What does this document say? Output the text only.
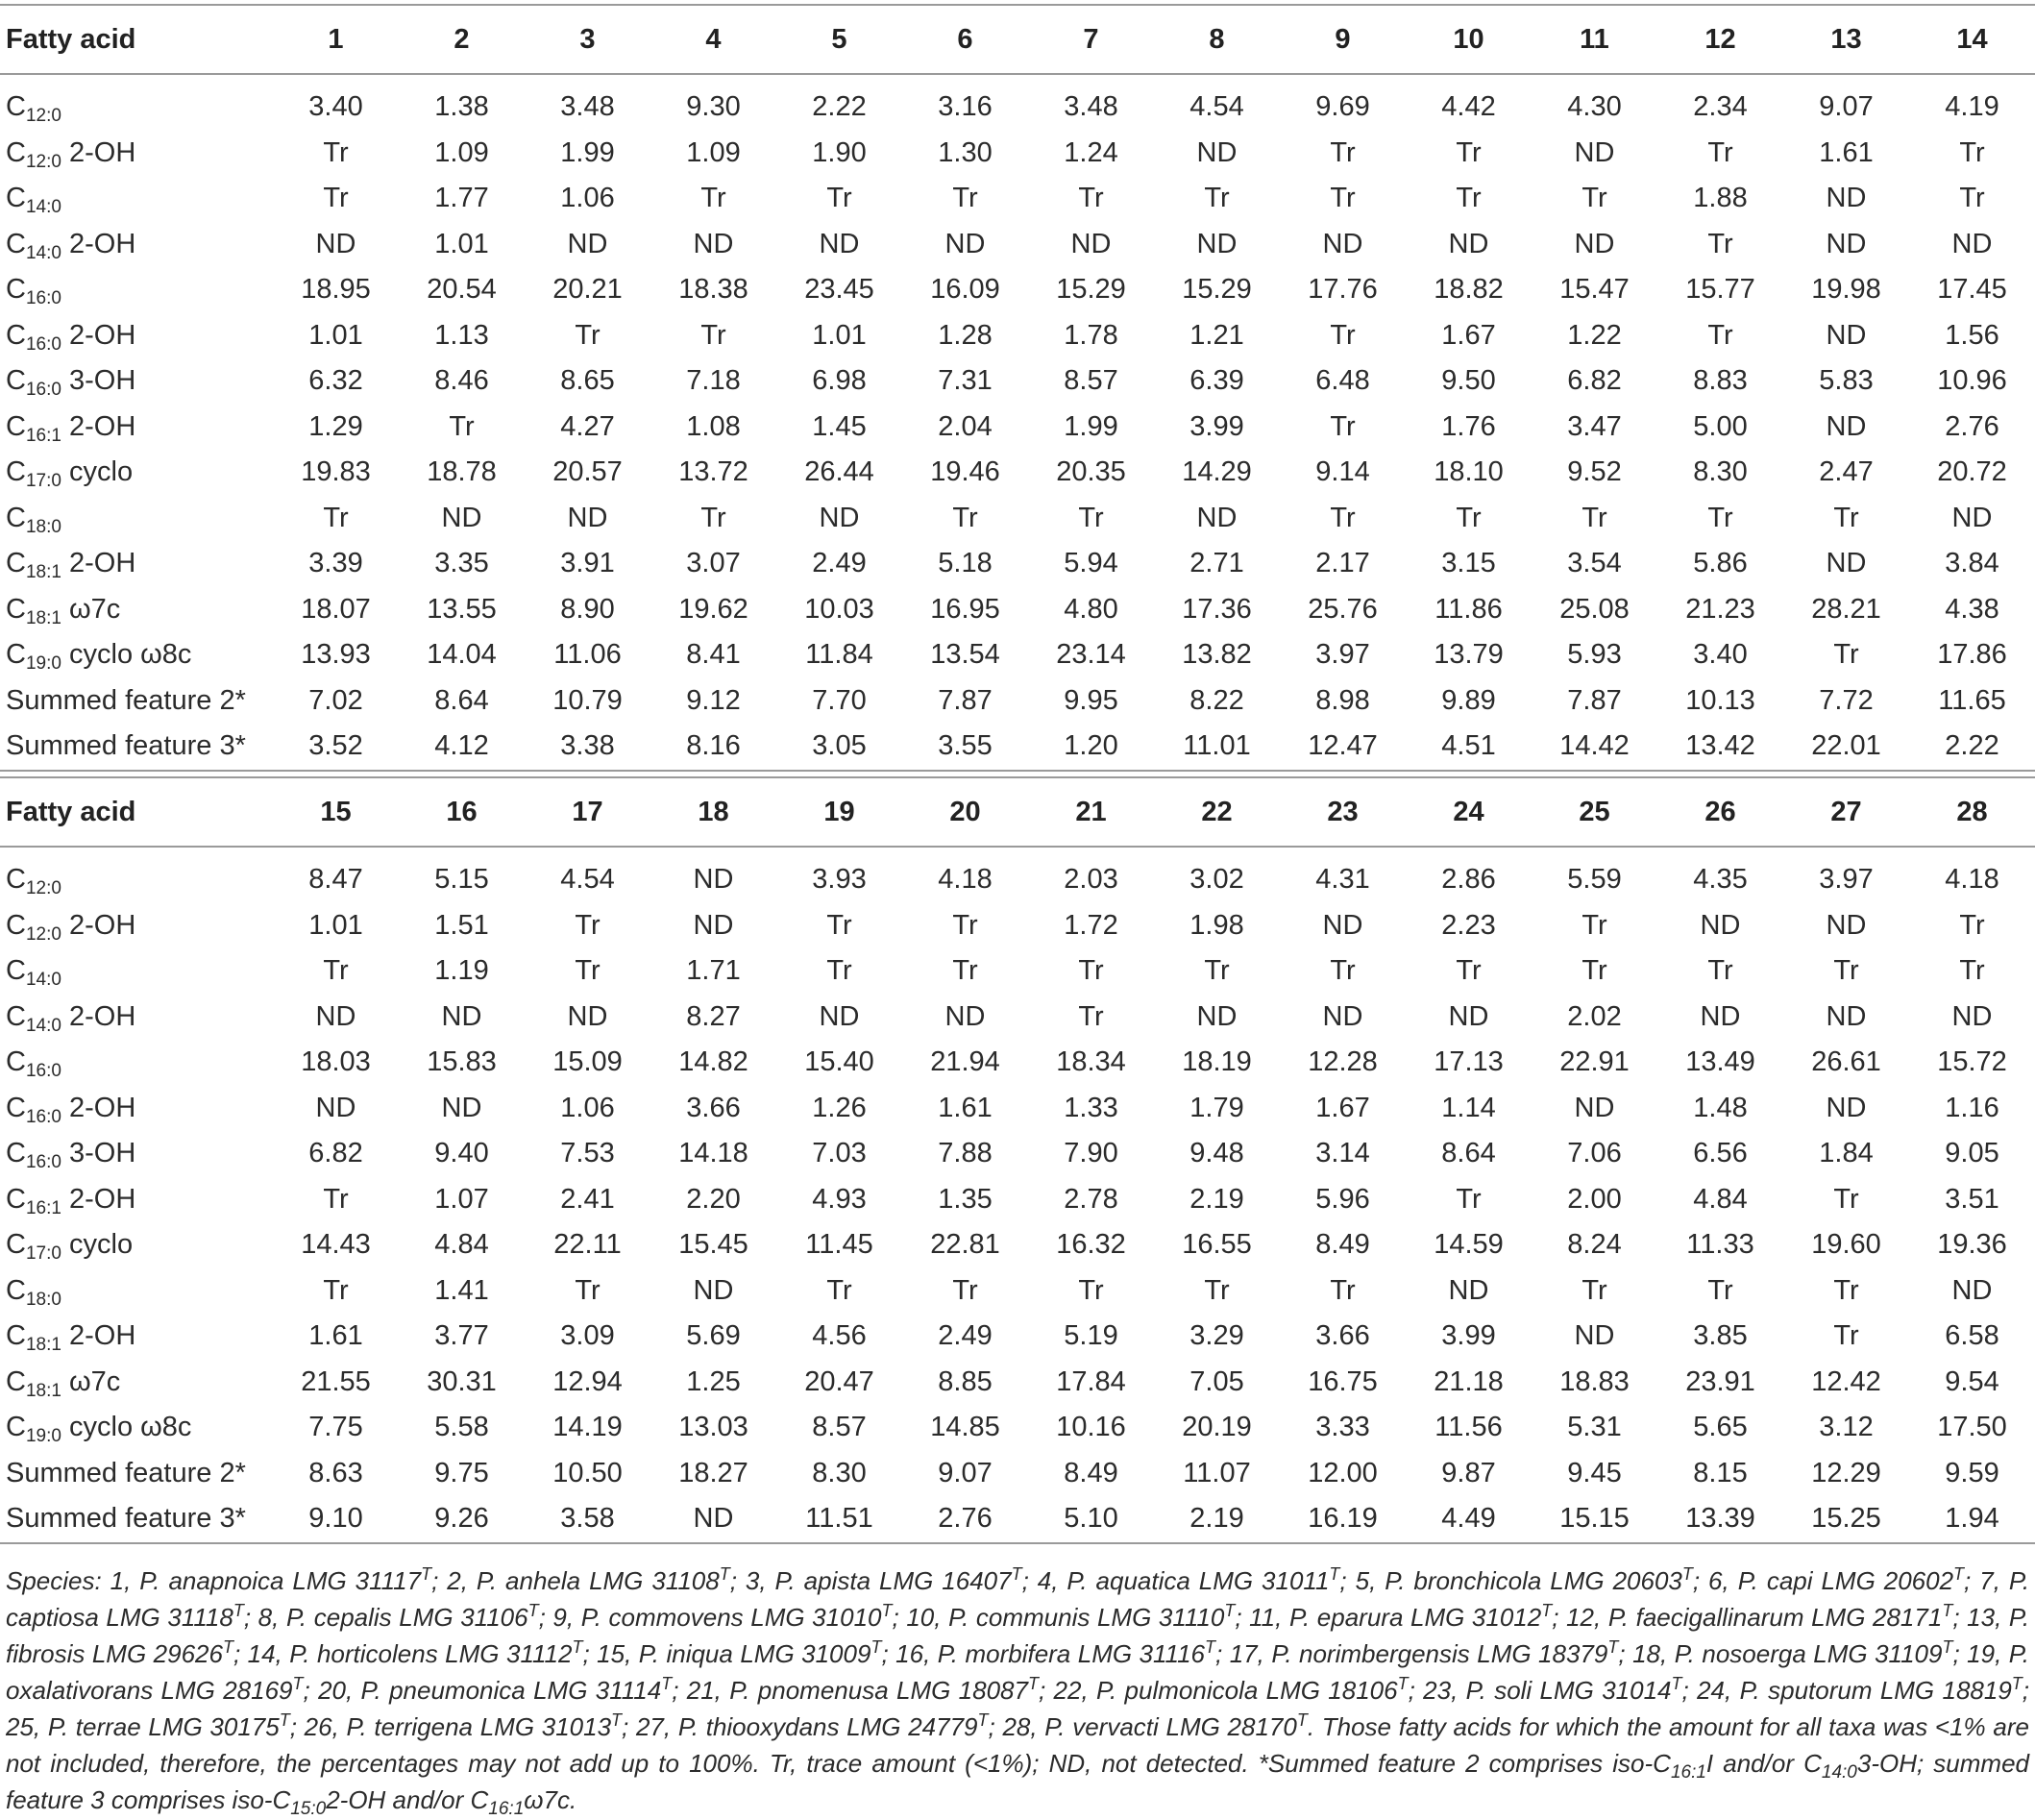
Fatty acid	1	2	3	4	5	6	7	8	9	10	11	12	13	14
$C_{12:0}$	3.40	1.38	3.48	9.30	2.22	3.16	3.48	4.54	9.69	4.42	4.30	2.34	9.07	4.19
$C_{12:0}$ 2-OH	Tr	1.09	1.99	1.09	1.90	1.30	1.24	ND	Tr	Tr	ND	Tr	1.61	Tr
$C_{14:0}$	Tr	1.77	1.06	Tr	Tr	Tr	Tr	Tr	Tr	Tr	Tr	1.88	ND	Tr
$C_{14:0}$ 2-OH	ND	1.01	ND	ND	ND	ND	ND	ND	ND	ND	ND	Tr	ND	ND
$C_{16:0}$	18.95	20.54	20.21	18.38	23.45	16.09	15.29	15.29	17.76	18.82	15.47	15.77	19.98	17.45
$C_{16:0}$ 2-OH	1.01	1.13	Tr	Tr	1.01	1.28	1.78	1.21	Tr	1.67	1.22	Tr	ND	1.56
$C_{16:0}$ 3-OH	6.32	8.46	8.65	7.18	6.98	7.31	8.57	6.39	6.48	9.50	6.82	8.83	5.83	10.96
$C_{16:1}$ 2-OH	1.29	Tr	4.27	1.08	1.45	2.04	1.99	3.99	Tr	1.76	3.47	5.00	ND	2.76
$C_{17:0}$ cyclo	19.83	18.78	20.57	13.72	26.44	19.46	20.35	14.29	9.14	18.10	9.52	8.30	2.47	20.72
$C_{18:0}$	Tr	ND	ND	Tr	ND	Tr	Tr	ND	Tr	Tr	Tr	Tr	Tr	ND
$C_{18:1}$ 2-OH	3.39	3.35	3.91	3.07	2.49	5.18	5.94	2.71	2.17	3.15	3.54	5.86	ND	3.84
$C_{18:1}$ ω7c	18.07	13.55	8.90	19.62	10.03	16.95	4.80	17.36	25.76	11.86	25.08	21.23	28.21	4.38
$C_{19:0}$ cyclo ω8c	13.93	14.04	11.06	8.41	11.84	13.54	23.14	13.82	3.97	13.79	5.93	3.40	Tr	17.86
Summed feature 2*	7.02	8.64	10.79	9.12	7.70	7.87	9.95	8.22	8.98	9.89	7.87	10.13	7.72	11.65
Summed feature 3*	3.52	4.12	3.38	8.16	3.05	3.55	1.20	11.01	12.47	4.51	14.42	13.42	22.01	2.22
Fatty acid	15	16	17	18	19	20	21	22	23	24	25	26	27	28
$C_{12:0}$	8.47	5.15	4.54	ND	3.93	4.18	2.03	3.02	4.31	2.86	5.59	4.35	3.97	4.18
$C_{12:0}$ 2-OH	1.01	1.51	Tr	ND	Tr	Tr	1.72	1.98	ND	2.23	Tr	ND	ND	Tr
$C_{14:0}$	Tr	1.19	Tr	1.71	Tr	Tr	Tr	Tr	Tr	Tr	Tr	Tr	Tr	Tr
$C_{14:0}$ 2-OH	ND	ND	ND	8.27	ND	ND	Tr	ND	ND	ND	2.02	ND	ND	ND
$C_{16:0}$	18.03	15.83	15.09	14.82	15.40	21.94	18.34	18.19	12.28	17.13	22.91	13.49	26.61	15.72
$C_{16:0}$ 2-OH	ND	ND	1.06	3.66	1.26	1.61	1.33	1.79	1.67	1.14	ND	1.48	ND	1.16
$C_{16:0}$ 3-OH	6.82	9.40	7.53	14.18	7.03	7.88	7.90	9.48	3.14	8.64	7.06	6.56	1.84	9.05
$C_{16:1}$ 2-OH	Tr	1.07	2.41	2.20	4.93	1.35	2.78	2.19	5.96	Tr	2.00	4.84	Tr	3.51
$C_{17:0}$ cyclo	14.43	4.84	22.11	15.45	11.45	22.81	16.32	16.55	8.49	14.59	8.24	11.33	19.60	19.36
$C_{18:0}$	Tr	1.41	Tr	ND	Tr	Tr	Tr	Tr	Tr	ND	Tr	Tr	Tr	ND
$C_{18:1}$ 2-OH	1.61	3.77	3.09	5.69	4.56	2.49	5.19	3.29	3.66	3.99	ND	3.85	Tr	6.58
$C_{18:1}$ ω7c	21.55	30.31	12.94	1.25	20.47	8.85	17.84	7.05	16.75	21.18	18.83	23.91	12.42	9.54
$C_{19:0}$ cyclo ω8c	7.75	5.58	14.19	13.03	8.57	14.85	10.16	20.19	3.33	11.56	5.31	5.65	3.12	17.50
Summed feature 2*	8.63	9.75	10.50	18.27	8.30	9.07	8.49	11.07	12.00	9.87	9.45	8.15	12.29	9.59
Summed feature 3*	9.10	9.26	3.58	ND	11.51	2.76	5.10	2.19	16.19	4.49	15.15	13.39	15.25	1.94
Species: 1, P. anapnoica LMG $31117^T$; 2, P. anhela LMG $31108^T$; 3, P. apista LMG $16407^T$; 4, P. aquatica LMG $31011^T$; 5, P. bronchicola LMG $20603^T$; 6, P. capi LMG $20602^T$; 7, P. captiosa LMG $31118^T$; 8, P. cepalis LMG $31106^T$; 9, P. commovens LMG $31010^T$; 10, P. communis LMG $31110^T$; 11, P. eparura LMG $31012^T$; 12, P. faecigallinarum LMG $28171^T$; 13, P. fibrosis LMG $29626^T$; 14, P. horticolens LMG $31112^T$; 15, P. iniqua LMG $31009^T$; 16, P. morbifera LMG $31116^T$; 17, P. norimbergensis LMG $18379^T$; 18, P. nosoerga LMG $31109^T$; 19, P. oxalativorans LMG $28169^T$; 20, P. pneumonica LMG $31114^T$; 21, P. pnomenusa LMG $18087^T$; 22, P. pulmonicola LMG $18106^T$; 23, P. soli LMG $31014^T$; 24, P. sputorum LMG $18819^T$; 25, P. terrae LMG $30175^T$; 26, P. terrigena LMG $31013^T$; 27, P. thiooxydans LMG $24779^T$; 28, P. vervacti LMG $28170^T$. Those fatty acids for which the amount for all taxa was <1% are not included, therefore, the percentages may not add up to 100%. Tr, trace amount (<1%); ND, not detected. *Summed feature 2 comprises iso-$C_{16:1}I$ and/or $C_{14:0}3-OH$; summed feature 3 comprises iso-$C_{15:0}2-OH$ and/or $C_{16:1}\omega 7c$.
